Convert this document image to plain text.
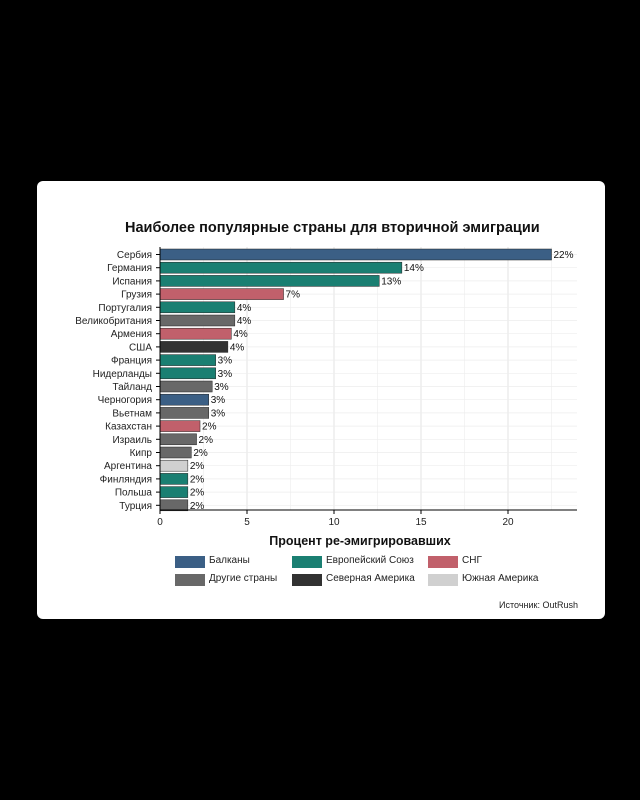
Наиболее популярные страны для вторичной эмиграции
Сербия	22%
Германия	14%
Испания	13%
Грузия	7%
Португалия	4%
Великобритания	4%
Армения	4%
США	4%
Франция	3%
Нидерланды	3%
Тайланд	3%
Черногория	3%
Вьетнам	3%
Казахстан	2%
Израиль	2%
Кипр	2%
Аргентина	2%
Финляндия	2%
Польша	2%
Турция	2%
0	5	10	15	20
Процент ре-эмигрировавших
Балканы	Европейский Союз	СНГ
Другие страны	Северная Америка	Южная Америка
Источник: OutRush
